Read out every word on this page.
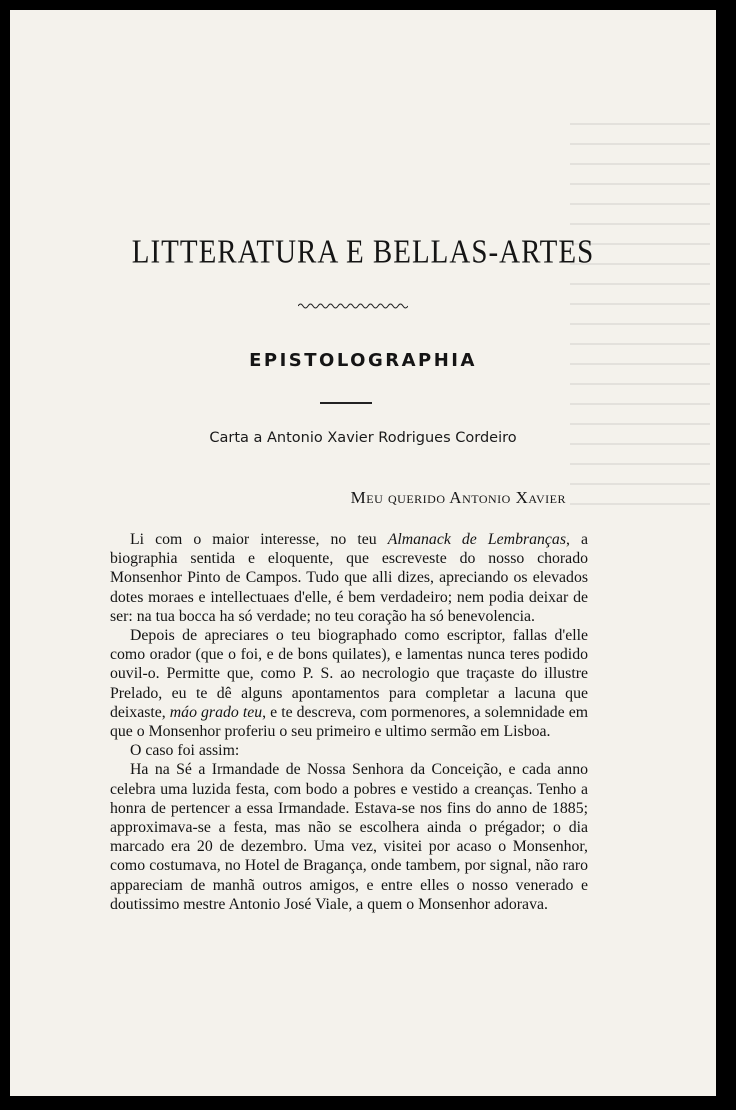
LITTERATURA E BELLAS-ARTES
EPISTOLOGRAPHIA
Carta a Antonio Xavier Rodrigues Cordeiro
Meu querido Antonio Xavier

Li com o maior interesse, no teu Almanack de Lembranças, a biographia sentida e eloquente, que escreveste do nosso chorado Monsenhor Pinto de Campos. Tudo que alli dizes, apreciando os elevados dotes moraes e intellectuaes d'elle, é bem verdadeiro; nem podia deixar de ser: na tua bocca ha só verdade; no teu coração ha só benevolencia.

Depois de apreciares o teu biographado como escriptor, fallas d'elle como orador (que o foi, e de bons quilates), e lamentas nunca teres podido ouvil-o. Permitte que, como P. S. ao necrologio que traçaste do illustre Prelado, eu te dê alguns apontamentos para completar a lacuna que deixaste, máo grado teu, e te descreva, com pormenores, a solemnidade em que o Monsenhor proferiu o seu primeiro e ultimo sermão em Lisboa.

O caso foi assim:

Ha na Sé a Irmandade de Nossa Senhora da Conceição, e cada anno celebra uma luzida festa, com bodo a pobres e vestido a creanças. Tenho a honra de pertencer a essa Irmandade. Estava-se nos fins do anno de 1885; approximava-se a festa, mas não se escolhera ainda o prégador; o dia marcado era 20 de dezembro. Uma vez, visitei por acaso o Monsenhor, como costumava, no Hotel de Bragança, onde tambem, por signal, não raro appareciam de manhã outros amigos, e entre elles o nosso venerado e doutissimo mestre Antonio José Viale, a quem o Monsenhor adorava.
